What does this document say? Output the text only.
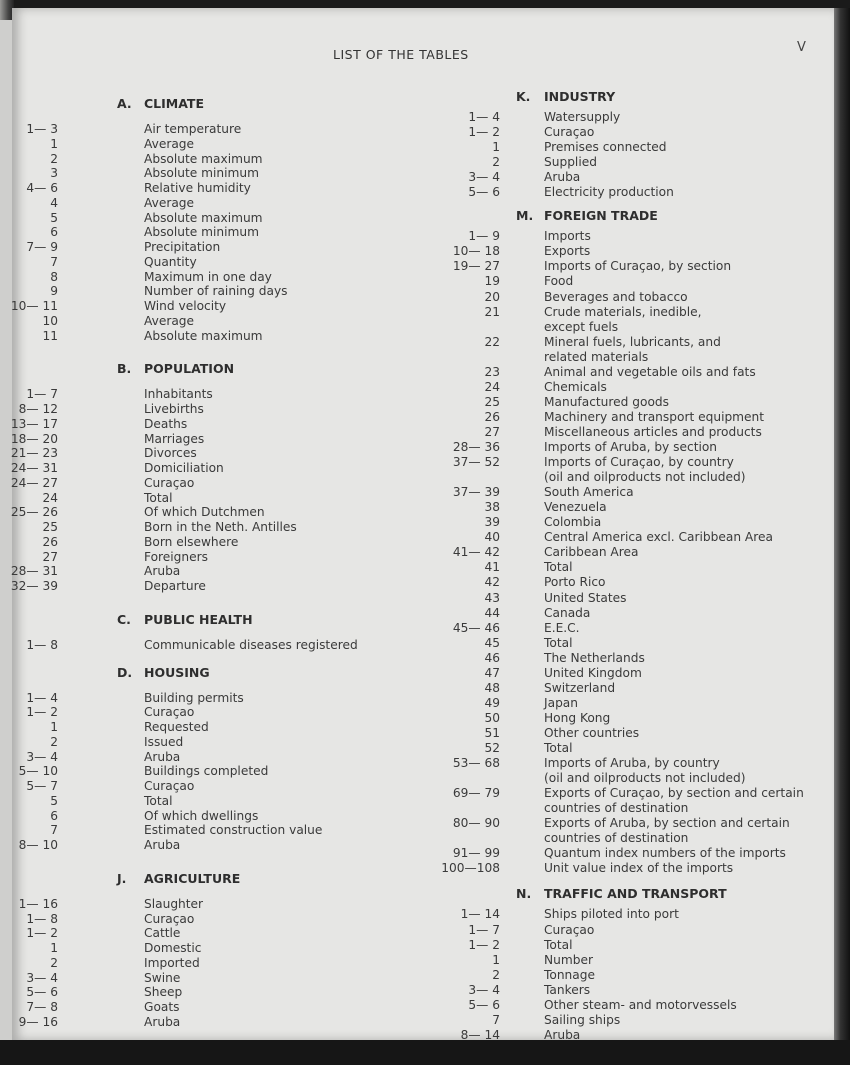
LIST OF THE TABLES	V
A. CLIMATE
1— 3	Air temperature
1	Average
2	Absolute maximum
3	Absolute minimum
4— 6	Relative humidity
4	Average
5	Absolute maximum
6	Absolute minimum
7— 9	Precipitation
7	Quantity
8	Maximum in one day
9	Number of raining days
10— 11	Wind velocity
10	Average
11	Absolute maximum
B. POPULATION
1— 7	Inhabitants
8— 12	Livebirths
13— 17	Deaths
18— 20	Marriages
21— 23	Divorces
24— 31	Domiciliation
24— 27	Curaçao
24	Total
25— 26	Of which Dutchmen
25	Born in the Neth. Antilles
26	Born elsewhere
27	Foreigners
28— 31	Aruba
32— 39	Departure
C. PUBLIC HEALTH
1— 8	Communicable diseases registered
D. HOUSING
1— 4	Building permits
1— 2	Curaçao
1	Requested
2	Issued
3— 4	Aruba
5— 10	Buildings completed
5— 7	Curaçao
5	Total
6	Of which dwellings
7	Estimated construction value
8— 10	Aruba
J. AGRICULTURE
1— 16	Slaughter
1— 8	Curaçao
1— 2	Cattle
1	Domestic
2	Imported
3— 4	Swine
5— 6	Sheep
7— 8	Goats
9— 16	Aruba
K. INDUSTRY
1— 4	Watersupply
1— 2	Curaçao
1	Premises connected
2	Supplied
3— 4	Aruba
5— 6	Electricity production
M. FOREIGN TRADE
1— 9	Imports
10— 18	Exports
19— 27	Imports of Curaçao, by section
19	Food
20	Beverages and tobacco
21	Crude materials, inedible,
except fuels
22	Mineral fuels, lubricants, and
related materials
23	Animal and vegetable oils and fats
24	Chemicals
25	Manufactured goods
26	Machinery and transport equipment
27	Miscellaneous articles and products
28— 36	Imports of Aruba, by section
37— 52	Imports of Curaçao, by country
(oil and oilproducts not included)
37— 39	South America
38	Venezuela
39	Colombia
40	Central America excl. Caribbean Area
41— 42	Caribbean Area
41	Total
42	Porto Rico
43	United States
44	Canada
45— 46	E.E.C.
45	Total
46	The Netherlands
47	United Kingdom
48	Switzerland
49	Japan
50	Hong Kong
51	Other countries
52	Total
53— 68	Imports of Aruba, by country
(oil and oilproducts not included)
69— 79	Exports of Curaçao, by section and certain
countries of destination
80— 90	Exports of Aruba, by section and certain
countries of destination
91— 99	Quantum index numbers of the imports
100—108	Unit value index of the imports
N. TRAFFIC AND TRANSPORT
1— 14	Ships piloted into port
1— 7	Curaçao
1— 2	Total
1	Number
2	Tonnage
3— 4	Tankers
5— 6	Other steam- and motorvessels
7	Sailing ships
8— 14	Aruba
